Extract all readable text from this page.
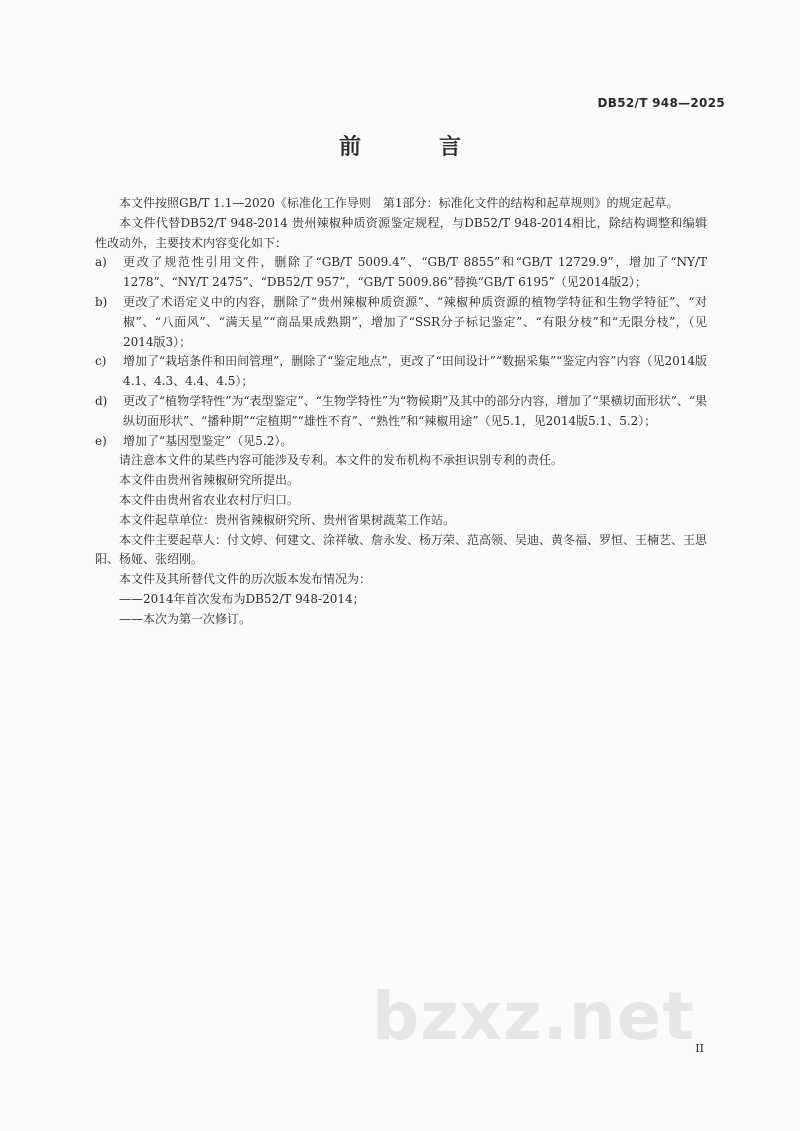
DB52/T 948—2025
前　言

本文件按照GB/T 1.1—2020《标准化工作导则　第1部分：标准化文件的结构和起草规则》的规定起草。

本文件代替DB52/T 948-2014 贵州辣椒种质资源鉴定规程，与DB52/T 948-2014相比，除结构调整和编辑性改动外，主要技术内容变化如下：

a) 更改了规范性引用文件，删除了“GB/T 5009.4”、“GB/T 8855”和“GB/T 12729.9”，增加了“NY/T 1278”、“NY/T 2475”、“DB52/T 957”，“GB/T 5009.86”替换“GB/T 6195”（见2014版2）；

b) 更改了术语定义中的内容，删除了“贵州辣椒种质资源”、“辣椒种质资源的植物学特征和生物学特征”、“对椒”、“八面风”、“满天星”“商品果成熟期”，增加了“SSR分子标记鉴定”、“有限分枝”和“无限分枝”，（见2014版3）；

c) 增加了“栽培条件和田间管理”，删除了“鉴定地点”，更改了“田间设计”“数据采集”“鉴定内容”内容（见2014版4.1、4.3、4.4、4.5）；

d) 更改了“植物学特性”为“表型鉴定”、“生物学特性”为“物候期”及其中的部分内容，增加了“果横切面形状”、“果纵切面形状”、“播种期”“定植期”“雄性不育”、“熟性”和“辣椒用途”（见5.1，见2014版5.1、5.2）；

e) 增加了“基因型鉴定”（见5.2）。

请注意本文件的某些内容可能涉及专利。本文件的发布机构不承担识别专利的责任。

本文件由贵州省辣椒研究所提出。

本文件由贵州省农业农村厅归口。

本文件起草单位：贵州省辣椒研究所、贵州省果树蔬菜工作站。

本文件主要起草人：付文婷、何建文、涂祥敏、詹永发、杨万荣、范高领、吴迪、黄冬福、罗恒、王楠艺、王思阳、杨娅、张绍刚。

本文件及其所替代文件的历次版本发布情况为：

——2014年首次发布为DB52/T 948-2014；

——本次为第一次修订。

bzxz.net II
